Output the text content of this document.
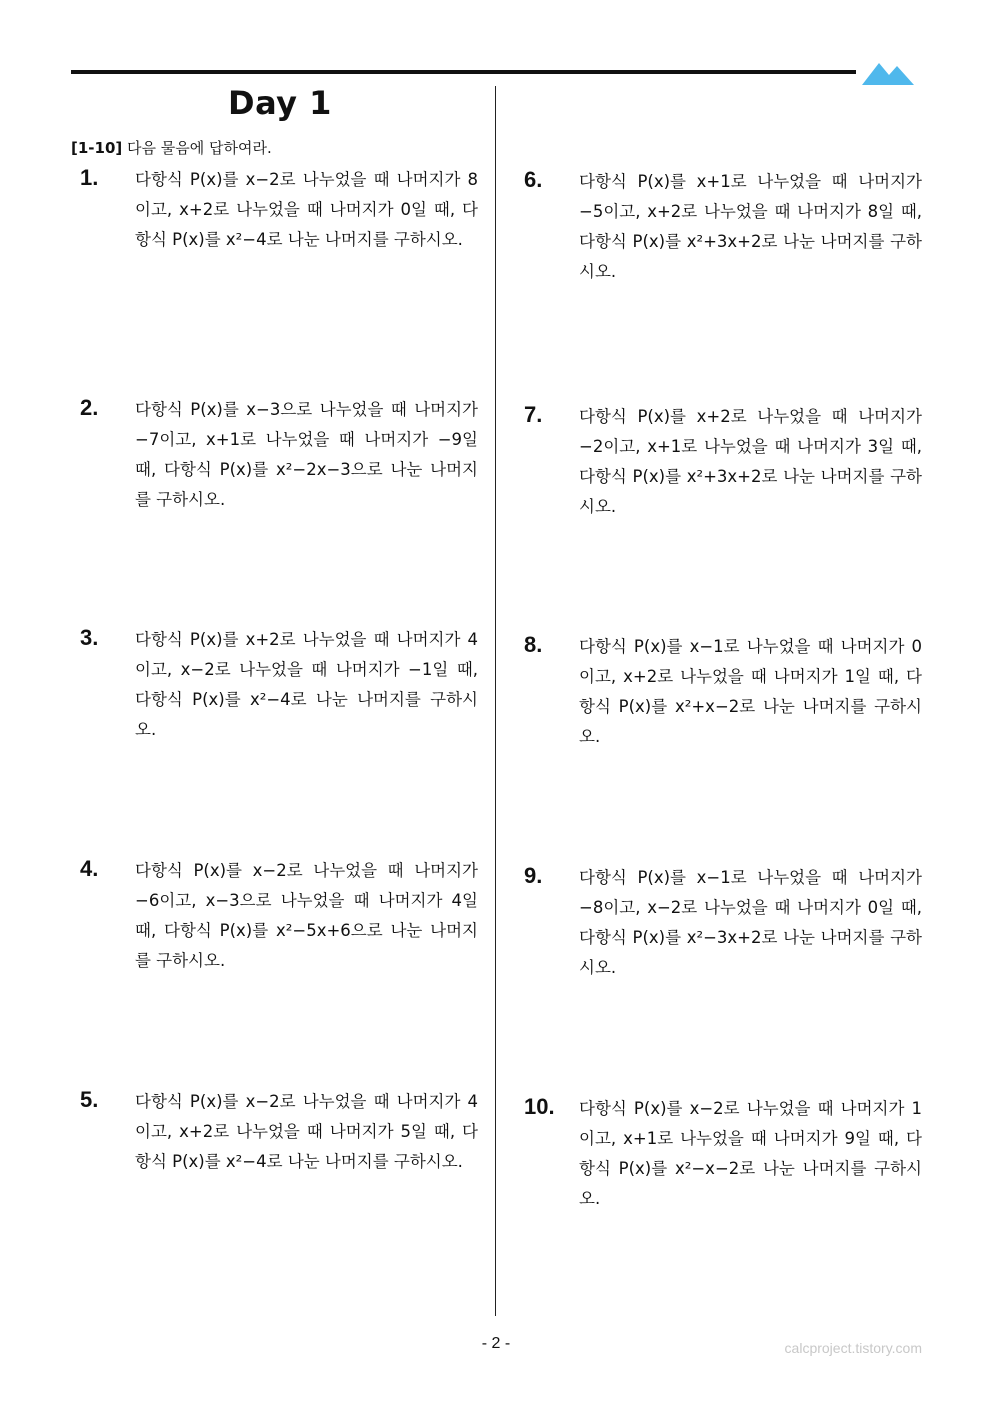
Day 1
[1-10] 다음 물음에 답하여라.
1. 다항식 P(x)를 x−2로 나누었을 때 나머지가 8이고, x+2로 나누었을 때 나머지가 0일 때, 다항식 P(x)를 x²−4로 나눈 나머지를 구하시오.
2. 다항식 P(x)를 x−3으로 나누었을 때 나머지가 −7이고, x+1로 나누었을 때 나머지가 −9일 때, 다항식 P(x)를 x²−2x−3으로 나눈 나머지를 구하시오.
3. 다항식 P(x)를 x+2로 나누었을 때 나머지가 4이고, x−2로 나누었을 때 나머지가 −1일 때, 다항식 P(x)를 x²−4로 나눈 나머지를 구하시오.
4. 다항식 P(x)를 x−2로 나누었을 때 나머지가 −6이고, x−3으로 나누었을 때 나머지가 4일 때, 다항식 P(x)를 x²−5x+6으로 나눈 나머지를 구하시오.
5. 다항식 P(x)를 x−2로 나누었을 때 나머지가 4이고, x+2로 나누었을 때 나머지가 5일 때, 다항식 P(x)를 x²−4로 나눈 나머지를 구하시오.
6. 다항식 P(x)를 x+1로 나누었을 때 나머지가 −5이고, x+2로 나누었을 때 나머지가 8일 때, 다항식 P(x)를 x²+3x+2로 나눈 나머지를 구하시오.
7. 다항식 P(x)를 x+2로 나누었을 때 나머지가 −2이고, x+1로 나누었을 때 나머지가 3일 때, 다항식 P(x)를 x²+3x+2로 나눈 나머지를 구하시오.
8. 다항식 P(x)를 x−1로 나누었을 때 나머지가 0이고, x+2로 나누었을 때 나머지가 1일 때, 다항식 P(x)를 x²+x−2로 나눈 나머지를 구하시오.
9. 다항식 P(x)를 x−1로 나누었을 때 나머지가 −8이고, x−2로 나누었을 때 나머지가 0일 때, 다항식 P(x)를 x²−3x+2로 나눈 나머지를 구하시오.
10. 다항식 P(x)를 x−2로 나누었을 때 나머지가 1이고, x+1로 나누었을 때 나머지가 9일 때, 다항식 P(x)를 x²−x−2로 나눈 나머지를 구하시오.
- 2 -	calcproject.tistory.com
